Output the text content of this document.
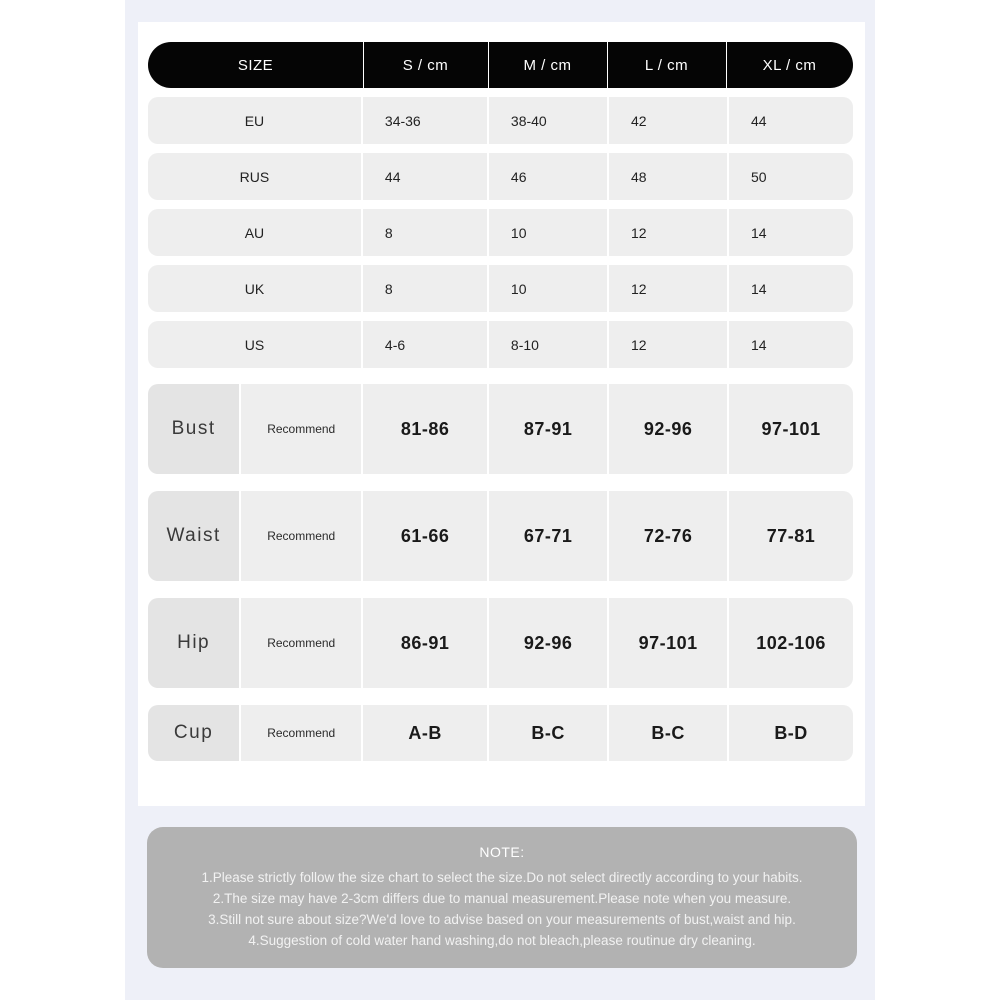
SIZE	S / cm	M / cm	L / cm	XL / cm
EU	34-36	38-40	42	44
RUS	44	46	48	50
AU	8	10	12	14
UK	8	10	12	14
US	4-6	8-10	12	14
Bust	Recommend	81-86	87-91	92-96	97-101
Waist	Recommend	61-66	67-71	72-76	77-81
Hip	Recommend	86-91	92-96	97-101	102-106
Cup	Recommend	A-B	B-C	B-C	B-D
NOTE:
1.Please strictly follow the size chart to select the size.Do not select directly according to your habits.
2.The size may have 2-3cm differs due to manual measurement.Please note when you measure.
3.Still not sure about size?We'd love to advise based on your measurements of bust,waist and hip.
4.Suggestion of cold water hand washing,do not bleach,please routinue dry cleaning.
